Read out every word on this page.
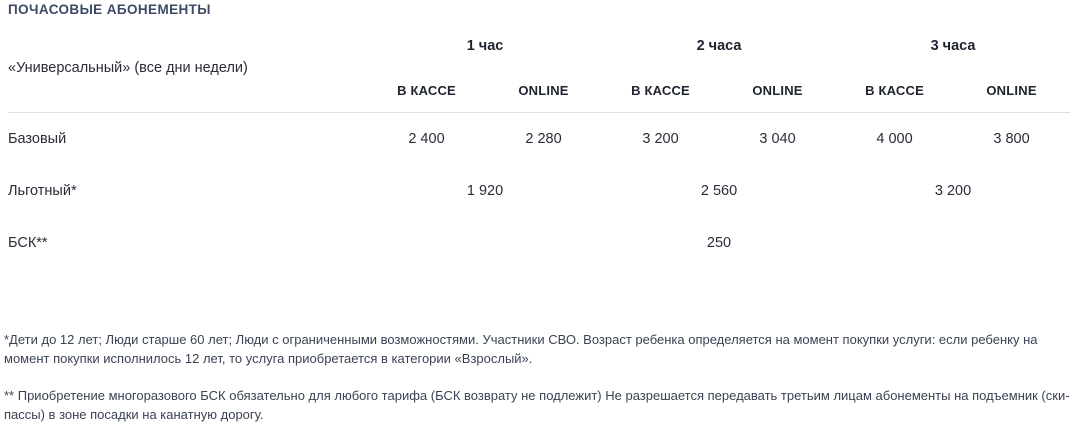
ПОЧАСОВЫЕ АБОНЕМЕНТЫ
«Универсальный» (все дни недели)	1 час		2 часа		3 часа	
	В КАССЕ	ONLINE	В КАССЕ	ONLINE	В КАССЕ	ONLINE
Базовый	2 400	2 280	3 200	3 040	4 000	3 800
Льготный*	1 920		2 560		3 200	
БСК**	250					
*Дети до 12 лет; Люди старше 60 лет; Люди с ограниченными возможностями. Участники СВО. Возраст ребенка определяется на момент покупки услуги: если ребенку на момент покупки исполнилось 12 лет, то услуга приобретается в категории «Взрослый».
** Приобретение многоразового БСК обязательно для любого тарифа (БСК возврату не подлежит) Не разрешается передавать третьим лицам абонементы на подъемник (ски-пассы) в зоне посадки на канатную дорогу.
